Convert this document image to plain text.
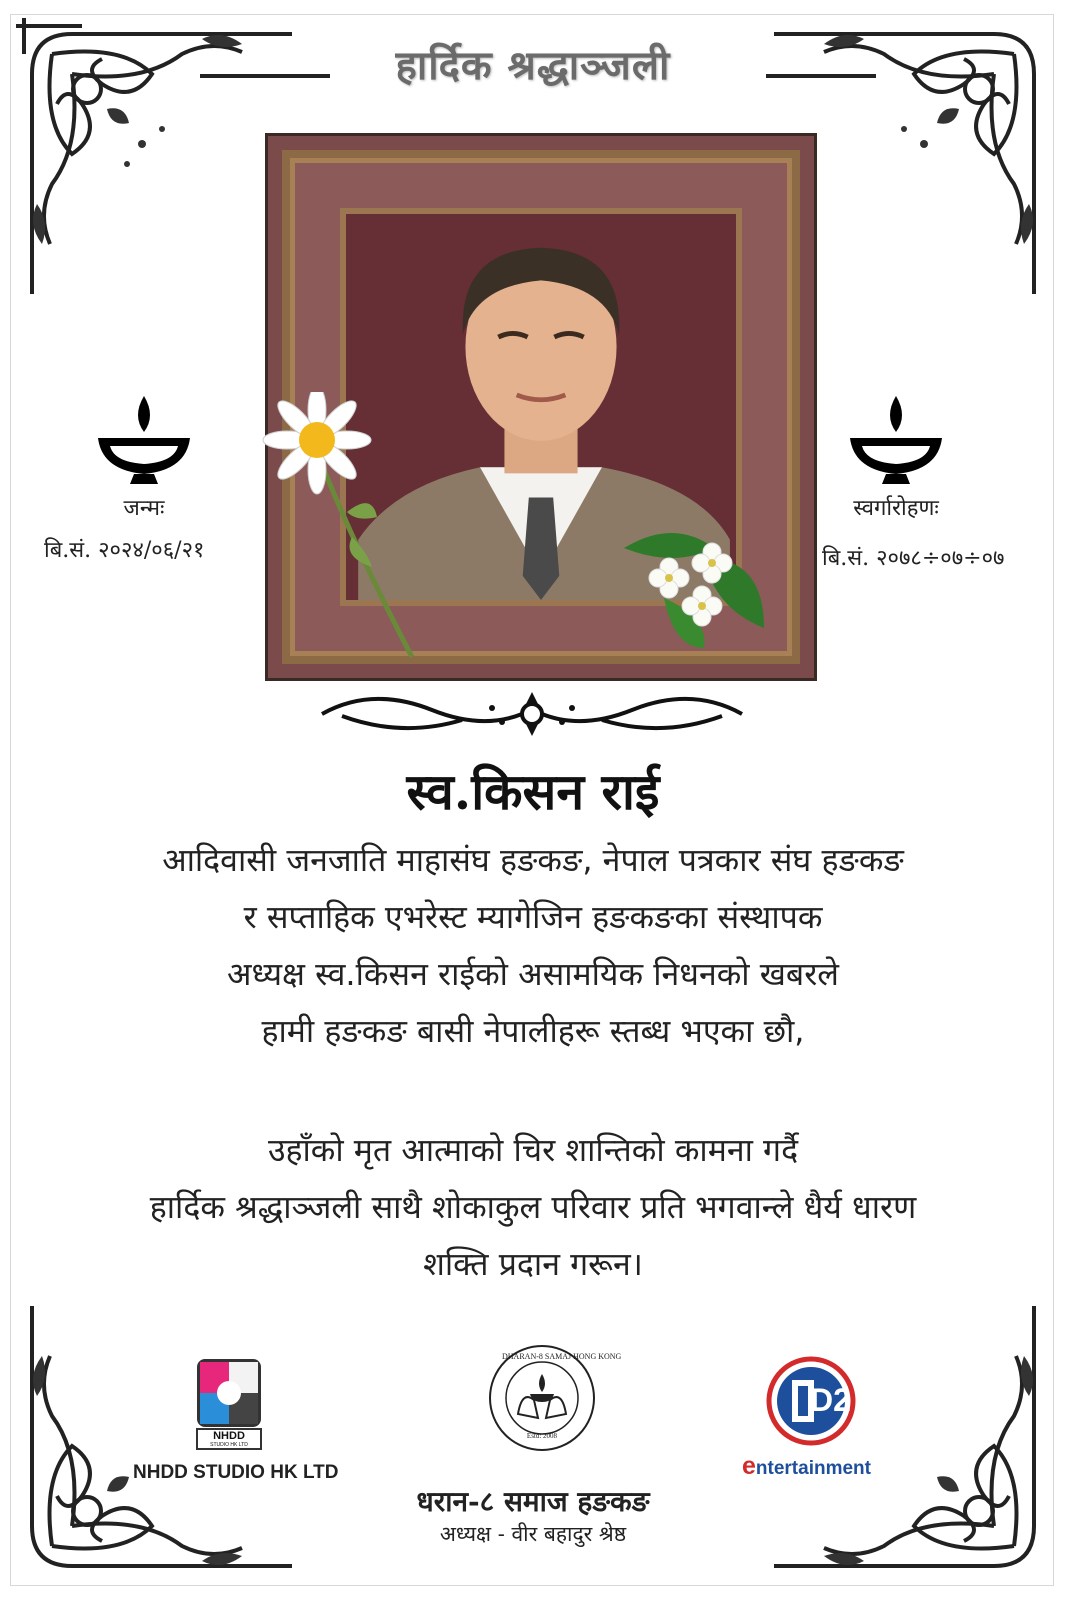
हार्दिक श्रद्धाञ्जली
जन्मः
बि.सं. २०२४/०६/२१
स्वर्गारोहणः
बि.सं. २०७८÷०७÷०७
स्व.किसन राई
आदिवासी जनजाति माहासंघ हङकङ, नेपाल पत्रकार संघ हङकङ
र सप्ताहिक एभरेस्ट म्यागेजिन हङकङका संस्थापक
अध्यक्ष स्व.किसन राईको असामयिक निधनको खबरले
हामी हङकङ बासी नेपालीहरू स्तब्ध भएका छौ,
उहाँको मृत आत्माको चिर शान्तिको कामना गर्दै
हार्दिक श्रद्धाञ्जली साथै शोकाकुल परिवार प्रति भगवान्ले धैर्य धारण
शक्ति प्रदान गरून।
NHDD
STUDIO HK LTD
NHDD STUDIO HK LTD
DHARAN-8 SAMAJ HONG KONG
Estd: 2008
D2
entertainment
धरान-८ समाज हङकङ
अध्यक्ष - वीर बहादुर श्रेष्ठ
